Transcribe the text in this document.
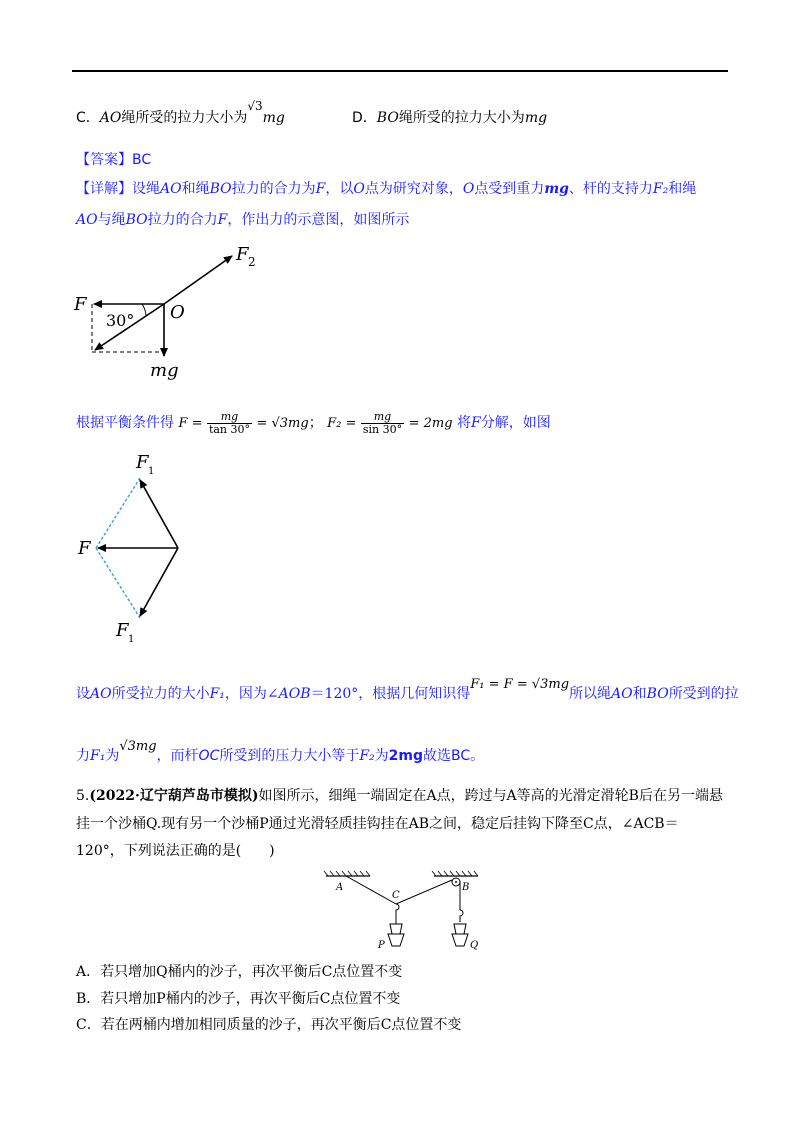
C．AO绳所受的拉力大小为√3mg	D．BO绳所受的拉力大小为mg
【答案】BC
【详解】设绳AO和绳BO拉力的合力为F，以O点为研究对象，O点受到重力mg、杆的支持力F₂和绳
AO与绳BO拉力的合力F，作出力的示意图，如图所示
F	O
30°
mg
F 2
根据平衡条件得 $F = \frac{mg}{\tan 30^\circ} = √3mg$； $F_2 = \frac{mg}{\sin 30^\circ} = 2mg$ 将F分解，如图
F
F 1
F 1
设AO所受拉力的大小F₁，因为∠AOB＝120°，根据几何知识得F₁ = F = √3mg所以绳AO和BO所受到的拉
力F₁为√3mg，而杆OC所受到的压力大小等于F₂为2mg故选BC。
5.(2022·辽宁葫芦岛市模拟)如图所示，细绳一端固定在A点，跨过与A等高的光滑定滑轮B后在另一端悬
挂一个沙桶Q.现有另一个沙桶P通过光滑轻质挂钩挂在AB之间，稳定后挂钩下降至C点，∠ACB＝
120°，下列说法正确的是(　　)
A
C
B
P	Q
A．若只增加Q桶内的沙子，再次平衡后C点位置不变
B．若只增加P桶内的沙子，再次平衡后C点位置不变
C．若在两桶内增加相同质量的沙子，再次平衡后C点位置不变
